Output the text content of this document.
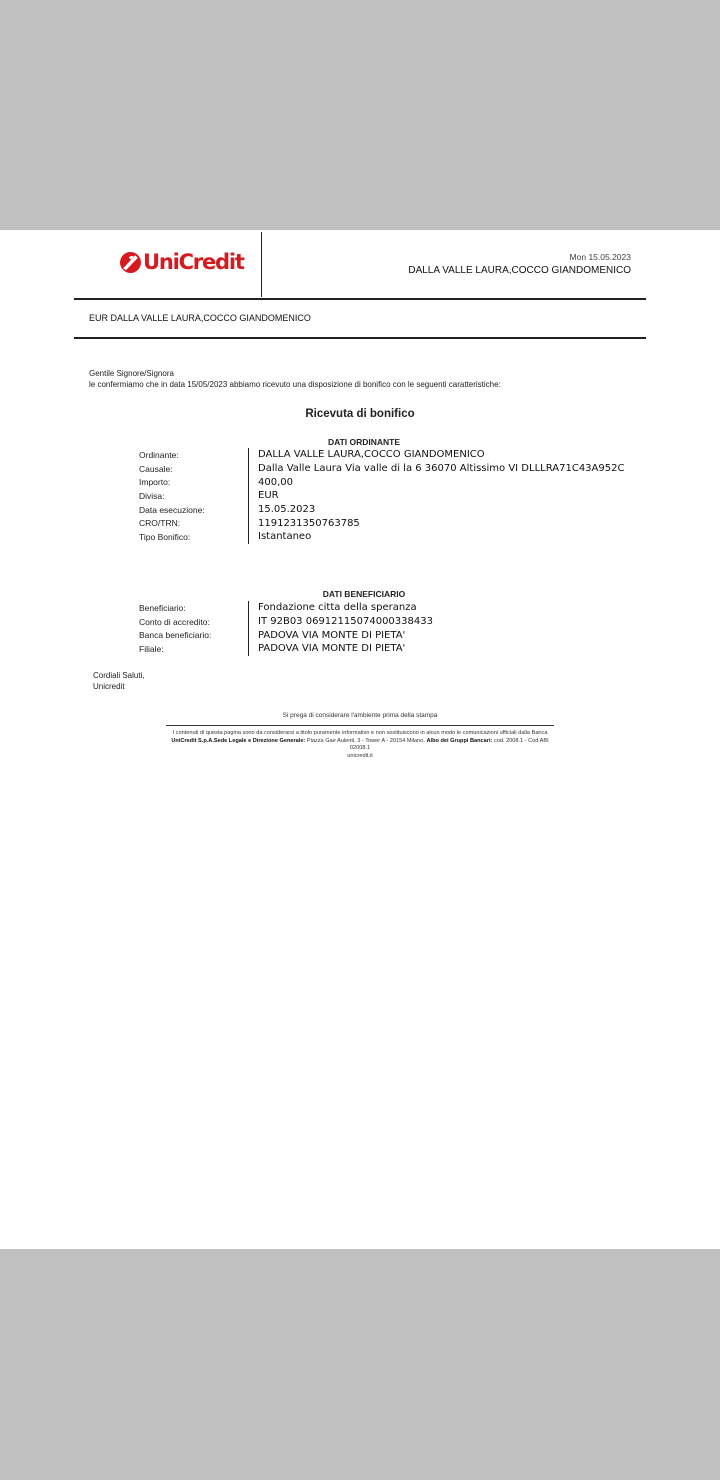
UniCredit	Mon 15.05.2023
DALLA VALLE LAURA,COCCO GIANDOMENICO
EUR DALLA VALLE LAURA,COCCO GIANDOMENICO
Gentile Signore/Signora
le confermiamo che in data 15/05/2023 abbiamo ricevuto una disposizione di bonifico con le seguenti caratteristiche:
Ricevuta di bonifico
DATI ORDINANTE
Ordinante:	DALLA VALLE LAURA,COCCO GIANDOMENICO
Causale:	Dalla Valle Laura Via valle di la 6 36070 Altissimo VI DLLLRA71C43A952C
Importo:	400,00
Divisa:	EUR
Data esecuzione:	15.05.2023
CRO/TRN:	1191231350763785
Tipo Bonifico:	Istantaneo
DATI BENEFICIARIO
Beneficiario:	Fondazione citta della speranza
Conto di accredito:	IT 92B03 06912115074000338433
Banca beneficiario:	PADOVA VIA MONTE DI PIETA'
Filiale:	PADOVA VIA MONTE DI PIETA'
Cordiali Saluti,
Unicredit
Si prega di considerare l'ambiente prima della stampa
I contenuti di questa pagina sono da considerarsi a titolo puramente informativo e non sostituiscono in alcun modo le comunicazioni ufficiali dalla Banca
UniCredit S.p.A.Sede Legale e Direzione Generale: Piazza Gae Aulenti, 3 - Tower A - 20154 Milano. Albo dei Gruppi Bancari: cod. 2008.1 - Cod ABI 02008.1
unicredit.it
